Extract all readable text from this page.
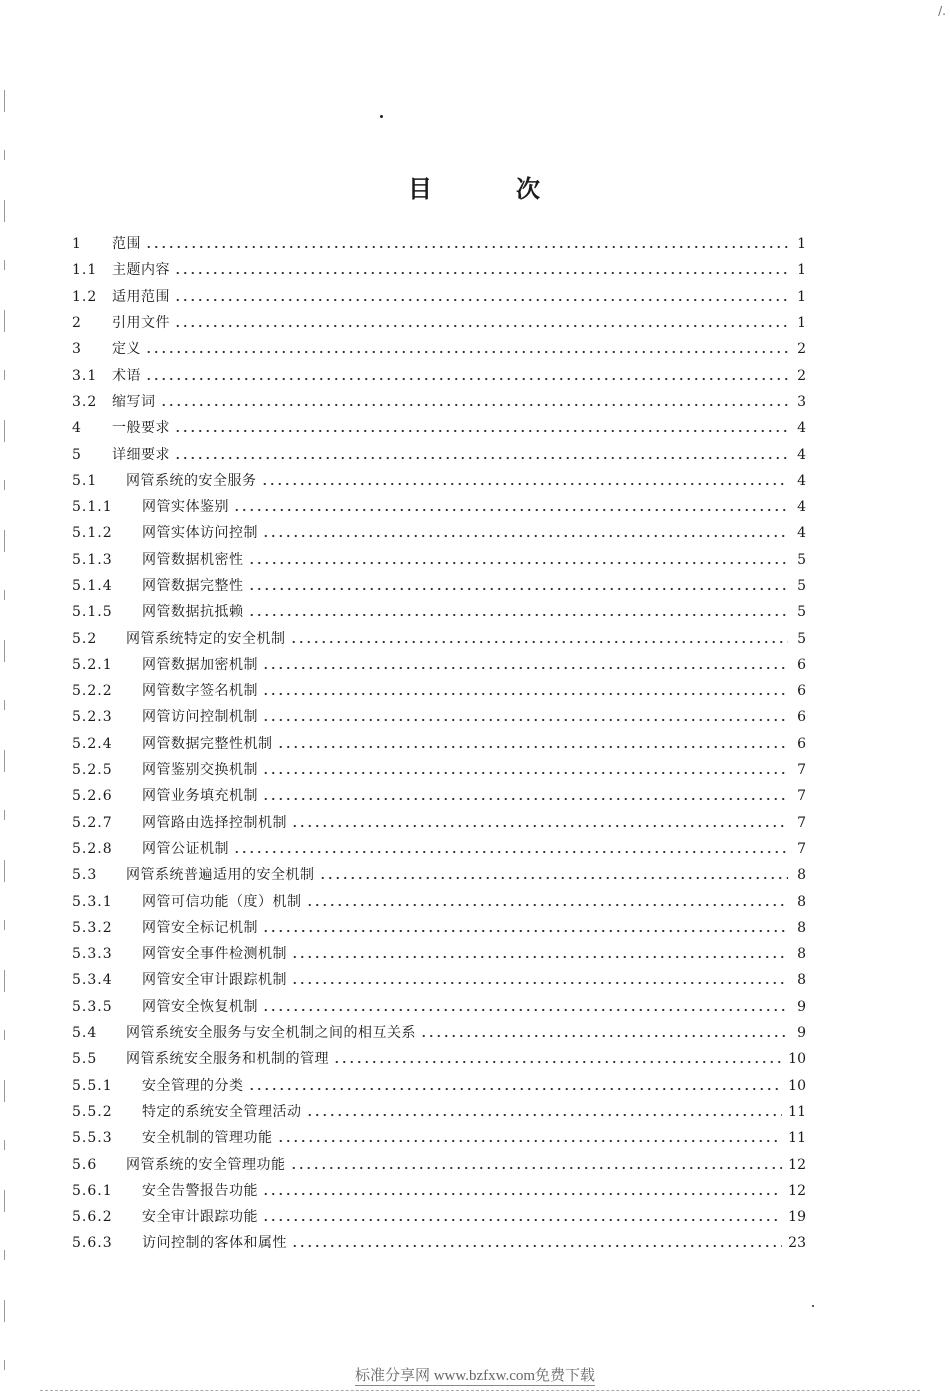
/.
目	次
1	范围	1
1.1	主题内容	1
1.2	适用范围	1
2	引用文件	1
3	定义	2
3.1	术语	2
3.2	缩写词	3
4	一般要求	4
5	详细要求	4
5.1	网管系统的安全服务	4
5.1.1	网管实体鉴别	4
5.1.2	网管实体访问控制	4
5.1.3	网管数据机密性	5
5.1.4	网管数据完整性	5
5.1.5	网管数据抗抵赖	5
5.2	网管系统特定的安全机制	5
5.2.1	网管数据加密机制	6
5.2.2	网管数字签名机制	6
5.2.3	网管访问控制机制	6
5.2.4	网管数据完整性机制	6
5.2.5	网管鉴别交换机制	7
5.2.6	网管业务填充机制	7
5.2.7	网管路由选择控制机制	7
5.2.8	网管公证机制	7
5.3	网管系统普遍适用的安全机制	8
5.3.1	网管可信功能（度）机制	8
5.3.2	网管安全标记机制	8
5.3.3	网管安全事件检测机制	8
5.3.4	网管安全审计跟踪机制	8
5.3.5	网管安全恢复机制	9
5.4	网管系统安全服务与安全机制之间的相互关系	9
5.5	网管系统安全服务和机制的管理	10
5.5.1	安全管理的分类	10
5.5.2	特定的系统安全管理活动	11
5.5.3	安全机制的管理功能	11
5.6	网管系统的安全管理功能	12
5.6.1	安全告警报告功能	12
5.6.2	安全审计跟踪功能	19
5.6.3	访问控制的客体和属性	23
标准分享网 www.bzfxw.com免费下载
